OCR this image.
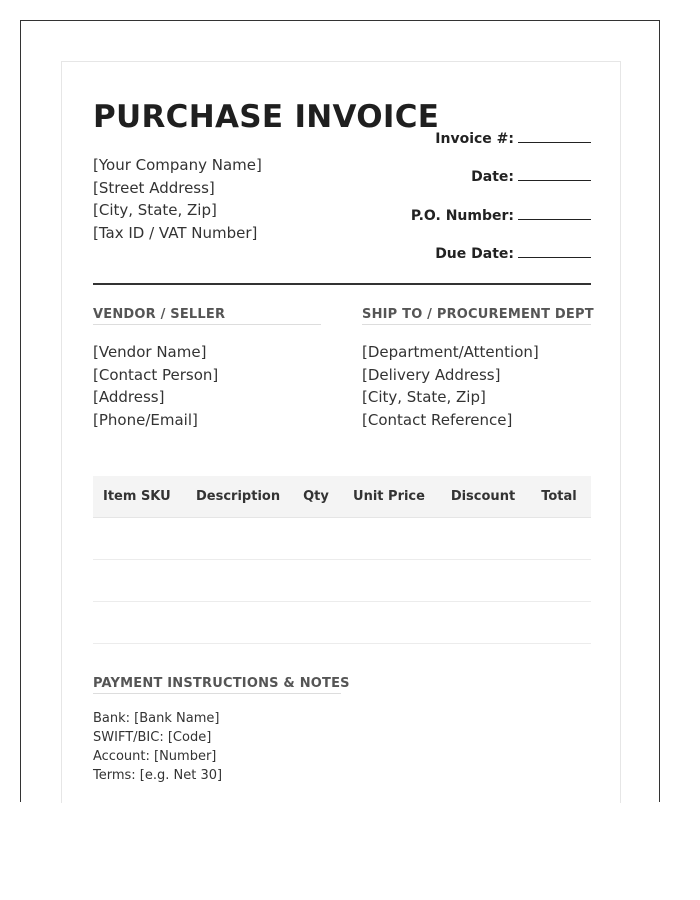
PURCHASE INVOICE
[Your Company Name]
[Street Address]
[City, State, Zip]
[Tax ID / VAT Number]
Invoice #:
Date:
P.O. Number:
Due Date:
VENDOR / SELLER	SHIP TO / PROCUREMENT DEPT
[Vendor Name]
[Contact Person]
[Address]
[Phone/Email]
[Department/Attention]
[Delivery Address]
[City, State, Zip]
[Contact Reference]
Item SKU	Description	Qty	Unit Price	Discount	Total
PAYMENT INSTRUCTIONS & NOTES
Bank: [Bank Name]
SWIFT/BIC: [Code]
Account: [Number]
Terms: [e.g. Net 30]
